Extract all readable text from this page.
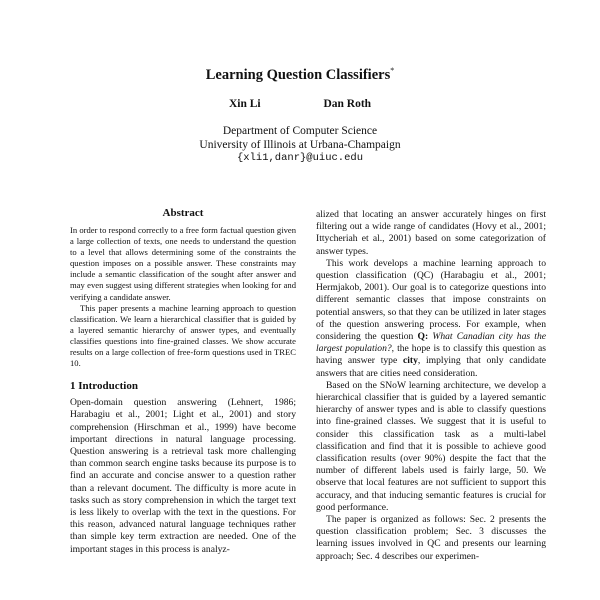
Learning Question Classifiers*
Xin Li	Dan Roth
Department of Computer Science
University of Illinois at Urbana-Champaign
{xli1,danr}@uiuc.edu
Abstract

In order to respond correctly to a free form factual question given a large collection of texts, one needs to understand the question to a level that allows determining some of the constraints the question imposes on a possible answer. These constraints may include a semantic classification of the sought after answer and may even suggest using different strategies when looking for and verifying a candidate answer.

This paper presents a machine learning approach to question classification. We learn a hierarchical classifier that is guided by a layered semantic hierarchy of answer types, and eventually classifies questions into fine-grained classes. We show accurate results on a large collection of free-form questions used in TREC 10.

1 Introduction

Open-domain question answering (Lehnert, 1986; Harabagiu et al., 2001; Light et al., 2001) and story comprehension (Hirschman et al., 1999) have become important directions in natural language processing. Question answering is a retrieval task more challenging than common search engine tasks because its purpose is to find an accurate and concise answer to a question rather than a relevant document. The difficulty is more acute in tasks such as story comprehension in which the target text is less likely to overlap with the text in the questions. For this reason, advanced natural language techniques rather than simple key term extraction are needed. One of the important stages in this process is analyz-

alized that locating an answer accurately hinges on first filtering out a wide range of candidates (Hovy et al., 2001; Ittycheriah et al., 2001) based on some categorization of answer types.

This work develops a machine learning approach to question classification (QC) (Harabagiu et al., 2001; Hermjakob, 2001). Our goal is to categorize questions into different semantic classes that impose constraints on potential answers, so that they can be utilized in later stages of the question answering process. For example, when considering the question Q: What Canadian city has the largest population?, the hope is to classify this question as having answer type city, implying that only candidate answers that are cities need consideration.

Based on the SNoW learning architecture, we develop a hierarchical classifier that is guided by a layered semantic hierarchy of answer types and is able to classify questions into fine-grained classes. We suggest that it is useful to consider this classification task as a multi-label classification and find that it is possible to achieve good classification results (over 90%) despite the fact that the number of different labels used is fairly large, 50. We observe that local features are not sufficient to support this accuracy, and that inducing semantic features is crucial for good performance.

The paper is organized as follows: Sec. 2 presents the question classification problem; Sec. 3 discusses the learning issues involved in QC and presents our learning approach; Sec. 4 describes our experimen-
